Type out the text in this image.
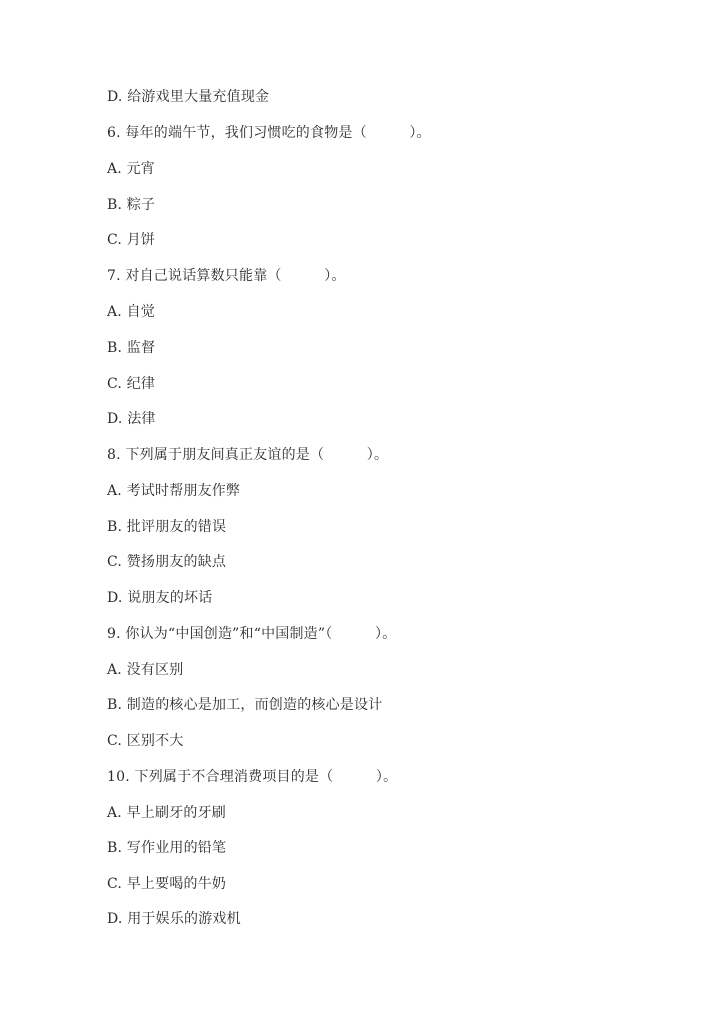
D. 给游戏里大量充值现金
6. 每年的端午节，我们习惯吃的食物是（　　　）。
A. 元宵
B. 粽子
C. 月饼
7. 对自己说话算数只能靠（　　　）。
A. 自觉
B. 监督
C. 纪律
D. 法律
8. 下列属于朋友间真正友谊的是（　　　）。
A. 考试时帮朋友作弊
B. 批评朋友的错误
C. 赞扬朋友的缺点
D. 说朋友的坏话
9. 你认为“中国创造”和“中国制造”（　　　）。
A. 没有区别
B. 制造的核心是加工，而创造的核心是设计
C. 区别不大
10. 下列属于不合理消费项目的是（　　　）。
A. 早上刷牙的牙刷
B. 写作业用的铅笔
C. 早上要喝的牛奶
D. 用于娱乐的游戏机
